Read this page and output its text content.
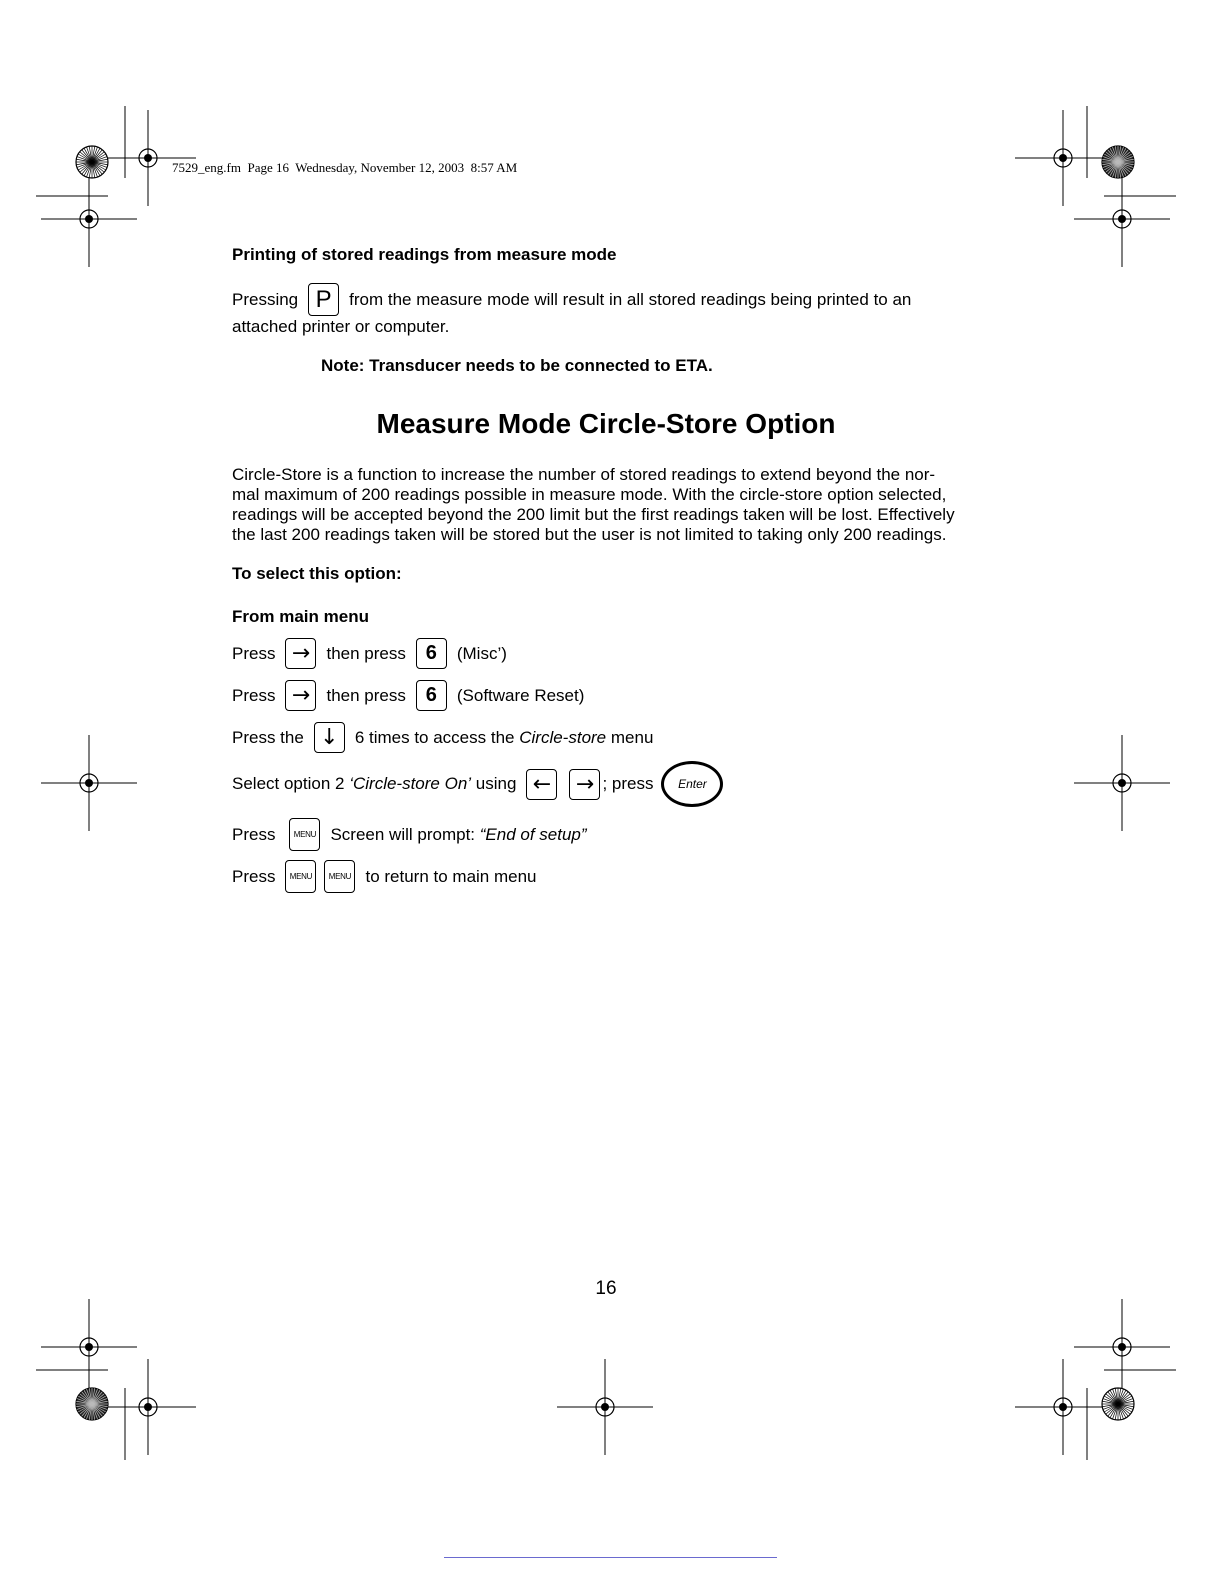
7529_eng.fm  Page 16  Wednesday, November 12, 2003  8:57 AM
Printing of stored readings from measure mode
Pressing P	from the measure mode will result in all stored readings being printed to an
attached printer or computer.
Note: Transducer needs to be connected to ETA.
Measure Mode Circle-Store Option

Circle-Store is a function to increase the number of stored readings to extend beyond the nor-
mal maximum of 200 readings possible in measure mode. With the circle-store option selected,
readings will be accepted beyond the 200 limit but the first readings taken will be lost. Effectively
the last 200 readings taken will be stored but the user is not limited to taking only 200 readings.

To select this option:
From main menu
Press → then press 6	(Misc’)
Press → then press 6	(Software Reset)
Press the ↓ 6 times to access the
Circle-store
menu
Select option 2
‘Circle-store On’
using ← → ; press	Enter
Press	MENU Screen will prompt:
“End of setup”
Press	MENU	MENU to return to main menu
16
